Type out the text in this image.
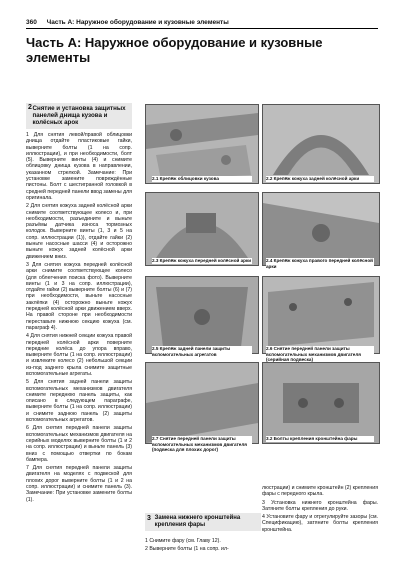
360 Часть А: Наружное оборудование и кузовные элементы
Часть А: Наружное оборудование и кузовные элементы
2 Снятие и установка защитных панелей днища кузова и колёсных арок

1 Для снятия левой/правой облицовки днища отдайте пластиковые гайки, выверните болты (1 на сопр. иллюстрации), и при необходимости, болт (5). Выверните винты (4) и снимите облицовку днища кузова в направлении, указанном стрелкой. Замечание: При установке замените повреждённые пистоны. Болт с шестигранной головкой в средней передней панели ввод замены для оригинала.

2 Для снятия кожуха задней колёсной арки снимите соответствующее колесо и, при необходимости, разъедините и выньте разъёмы датчика износа тормозных колодок. Выверните винты (1, 3 и 5 на сопр. иллюстрации (1)), отдайте гайки (2) выньте насосные шасси (4) и осторожно выньте кожух задней колёсной арки движением вниз.

3 Для снятия кожуха передней колёсной арки снимите соответствующее колесо (для облегчения поиска фото). Выверните винты (1 и 3 на сопр. иллюстрации), отдайте гайки (2) выверните болты (6) и (7) при необходимости, выньте насосные заклёпки (4) осторожно выньте кожух передней колёсной арки движением вверх. На правой стороне при необходимости переставьте нижнюю секцию кожуха (см. параграф 4).

4 Для снятия нижней секции кожуха правой передней колёсной арки поверните передние колёса до упора вправо, выверните болты (1 на сопр. иллюстрации) и извлеките колесо (2) небольшой секции из-под заднего крыла снимите защитные вспомогательные агрегаты.

5 Для снятия задней панели защиты вспомогательных механизмов двигателя снимите переднюю панель защиты, как описано в следующем параграфе, выверните болты (1 на сопр. иллюстрации) и снимите заднюю панель (2) защиты вспомогательных агрегатов.

6 Для снятия передней панели защиты вспомогательных механизмов двигателя на серийных моделях выверните болты (1 и 2 на сопр. иллюстрации) и выньте панель (3) вниз с помощью отвертки по бокам бампера.

7 Для снятия передней панели защиты двигателя на моделях с подвеской для плохих дорог выверните болты (1 и 2 на сопр. иллюстрации) и снимите панель (3). Замечание: При установке замените болты (1).

2.1 Крепёж облицовки кузова	2.2 Крепёж кожуха задней колёсной арки
2.3 Крепёж кожуха передней колёсной арки	2.4 Крепёж кожуха правого передней колёсной арки
2.5 Крепёж задней панели защиты вспомогательных агрегатов
2.6 Снятие передней панели защиты вспомогательных механизмов двигателя (серийная подвеска)
2.7 Снятие передней панели защиты вспомогательных механизмов двигателя (подвеска для плохих дорог)
3.2 Болты крепления кронштейна фары
3 Замена нижнего кронштейна крепления фары

1 Снимите фару (см. Главу 12).

2 Выверните болты (1 на сопр. ил-

люстрации) и снимите кронштейн (2) крепления фары с передного крыла.

3 Установка нижнего кронштейна фары. Затяните болты крепления до руки.

4 Установите фару и отрегулируйте зазоры (см. Спецификацию), затяните болты крепления кронштейна.
